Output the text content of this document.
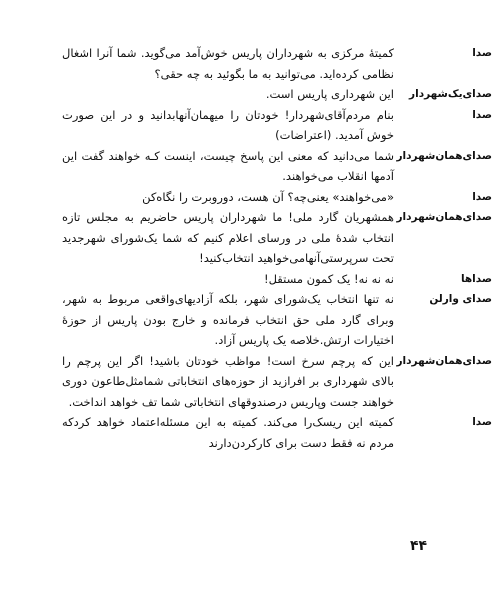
صدا
کمیتهٔ مرکزی به شهرداران پاریس خوش‌آمد می‌گوید. شما آنرا اشغال نظامی کرده‌اید. می‌توانید به ما بگوئید به چه حقی؟
صدای‌یک‌شهردار
این شهرداری پاریس است.
صدا
بنام مردم‌آقای‌شهردار! خودتان را میهمان‌آنهابدانید و در این صورت خوش آمدید. (اعتراضات)
صدای‌همان‌شهردار
شما می‌دانید که معنی این پاسخ چیست، اینست کـه خواهند گفت این آدمها انقلاب می‌خواهند.
صدا
«می‌خواهند» یعنی‌چه؟ آن هست، دوروبرت را نگاه‌کن
صدای‌همان‌شهردار
همشهریان گارد ملی! ما شهرداران پاریس حاضریم به مجلس تازه انتخاب شدهٔ ملی در ورسای اعلام کنیم که شما یک‌شورای شهرجدید تحت سرپرستی‌آنهامی‌خواهید انتخاب‌کنید!
صداها
نه نه نه! یک کمون مستقل!
صدای وارلن
نه تنها انتخاب یک‌شورای شهر، بلکه آزادیهای‌واقعی مربوط به شهر، وبرای گارد ملی حق انتخاب فرمانده و خارج بودن پاریس از حوزهٔ اختیارات ارتش.خلاصه یک پاریس آزاد.
صدای‌همان‌شهردار
این که پرچم سرخ است! مواظب خودتان باشید! اگر این پرچم را بالای شهرداری بر افرازید از حوزه‌های انتخاباتی شمامثل‌طاعون دوری خواهند جست وپاریس درصندوقهای انتخاباتی شما تف خواهد انداخت.
صدا
کمیته این ریسک‌را می‌کند. کمیته به این مسئله‌اعتماد خواهد کردکه مردم نه فقط دست برای کارکردن‌دارند
۴۴
